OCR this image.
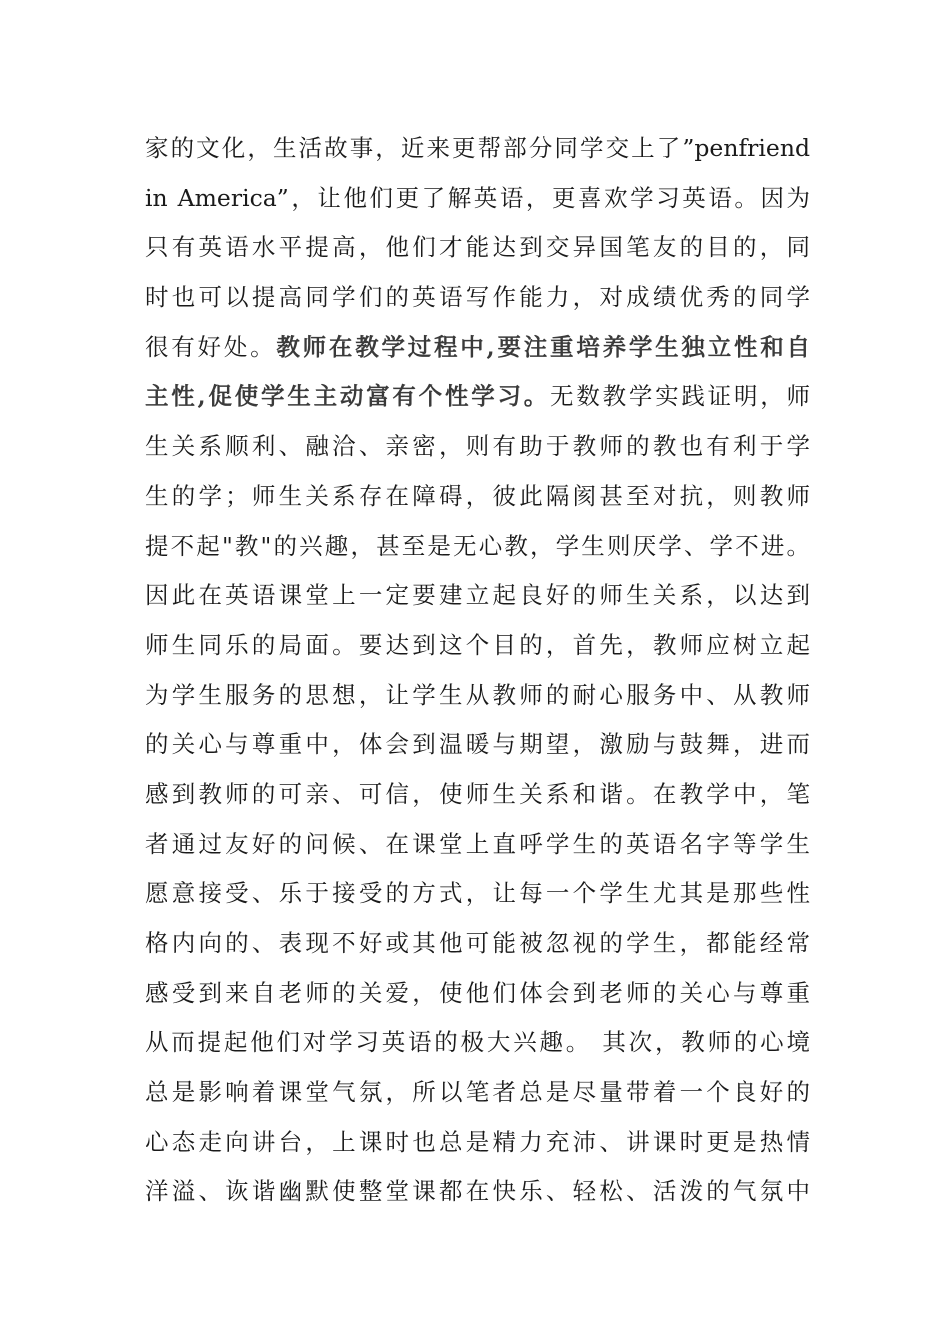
家的文化，生活故事，近来更帮部分同学交上了”penfriend
in America”，让他们更了解英语，更喜欢学习英语。因为
只有英语水平提高，他们才能达到交异国笔友的目的，同
时也可以提高同学们的英语写作能力，对成绩优秀的同学
很有好处。教师在教学过程中,要注重培养学生独立性和自
主性,促使学生主动富有个性学习。无数教学实践证明，师
生关系顺利、融洽、亲密，则有助于教师的教也有利于学
生的学；师生关系存在障碍，彼此隔阂甚至对抗，则教师
提不起"教"的兴趣，甚至是无心教，学生则厌学、学不进。
因此在英语课堂上一定要建立起良好的师生关系，以达到
师生同乐的局面。要达到这个目的，首先，教师应树立起
为学生服务的思想，让学生从教师的耐心服务中、从教师
的关心与尊重中，体会到温暖与期望，激励与鼓舞，进而
感到教师的可亲、可信，使师生关系和谐。在教学中，笔
者通过友好的问候、在课堂上直呼学生的英语名字等学生
愿意接受、乐于接受的方式，让每一个学生尤其是那些性
格内向的、表现不好或其他可能被忽视的学生，都能经常
感受到来自老师的关爱，使他们体会到老师的关心与尊重
从而提起他们对学习英语的极大兴趣。 其次，教师的心境
总是影响着课堂气氛，所以笔者总是尽量带着一个良好的
心态走向讲台，上课时也总是精力充沛、讲课时更是热情
洋溢、诙谐幽默使整堂课都在快乐、轻松、活泼的气氛中
